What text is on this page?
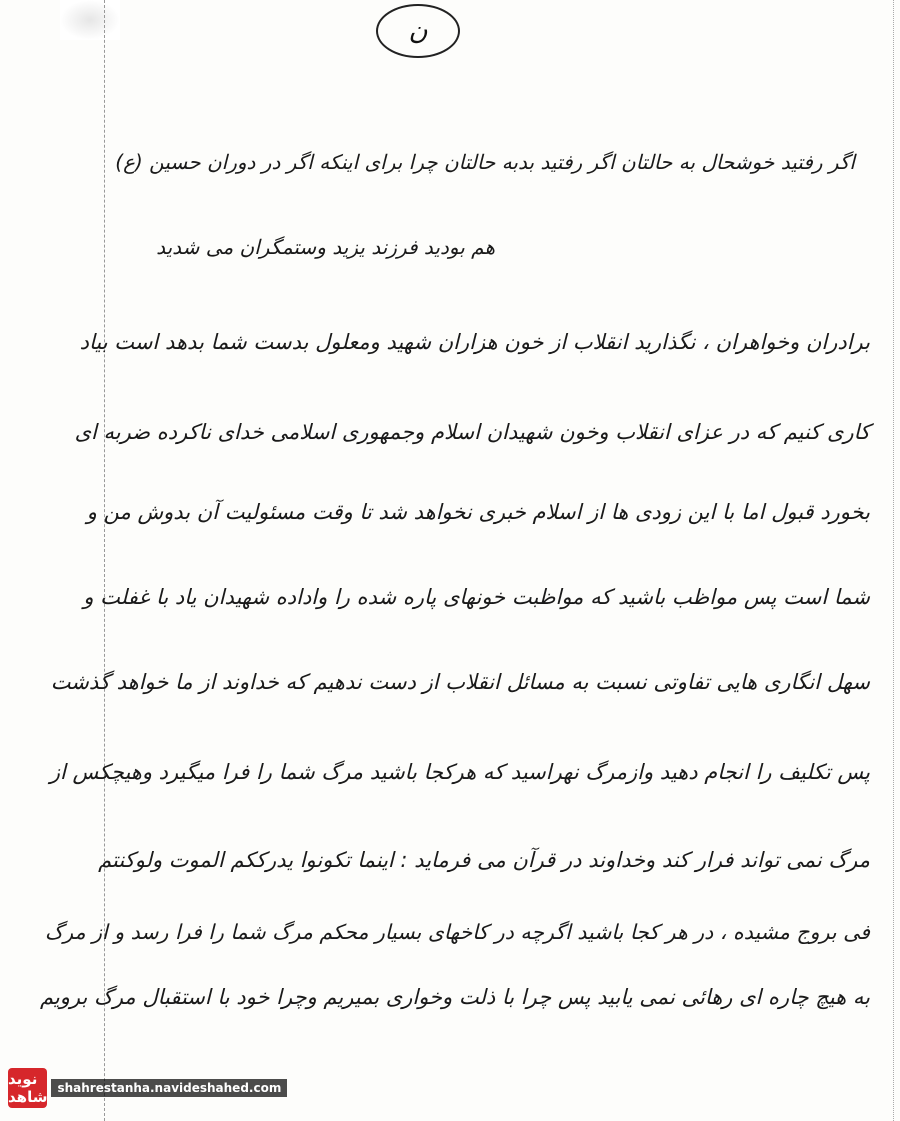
ن
اگر رفتید خوشحال به حالتان اگر رفتید بدبه حالتان چرا برای اینکه اگر در دوران حسین (ع)
هم بودید فرزند یزید وستمگران می شدید
برادران وخواهران ، نگذارید انقلاب از خون هزاران شهید ومعلول بدست شما بدهد است بیاد
کاری کنیم که در عزای انقلاب وخون شهیدان اسلام وجمهوری اسلامی خدای ناکرده ضربه ای
بخورد قبول اما با این زودی ها از اسلام خبری نخواهد شد تا وقت مسئولیت آن بدوش من و
شما است پس مواظب باشید که مواظبت خونهای پاره شده را واداده شهیدان یاد با غفلت و
سهل انگاری هایی تفاوتی نسبت به مسائل انقلاب از دست ندهیم که خداوند از ما خواهد گذشت
پس تکلیف را انجام دهید وازمرگ نهراسید که هرکجا باشید مرگ شما را فرا میگیرد وهیچکس از
مرگ نمی تواند فرار کند وخداوند در قرآن می فرماید : اینما تکونوا یدرککم الموت ولوکنتم
فی بروج مشیده ، در هر کجا باشید اگرچه در کاخهای بسیار محکم مرگ شما را فرا رسد و از مرگ
به هیچ چاره ای رهائی نمی یابید پس چرا با ذلت وخواری بمیریم وچرا خود با استقبال مرگ برویم
نوید شاهد shahrestanha.navideshahed.com
